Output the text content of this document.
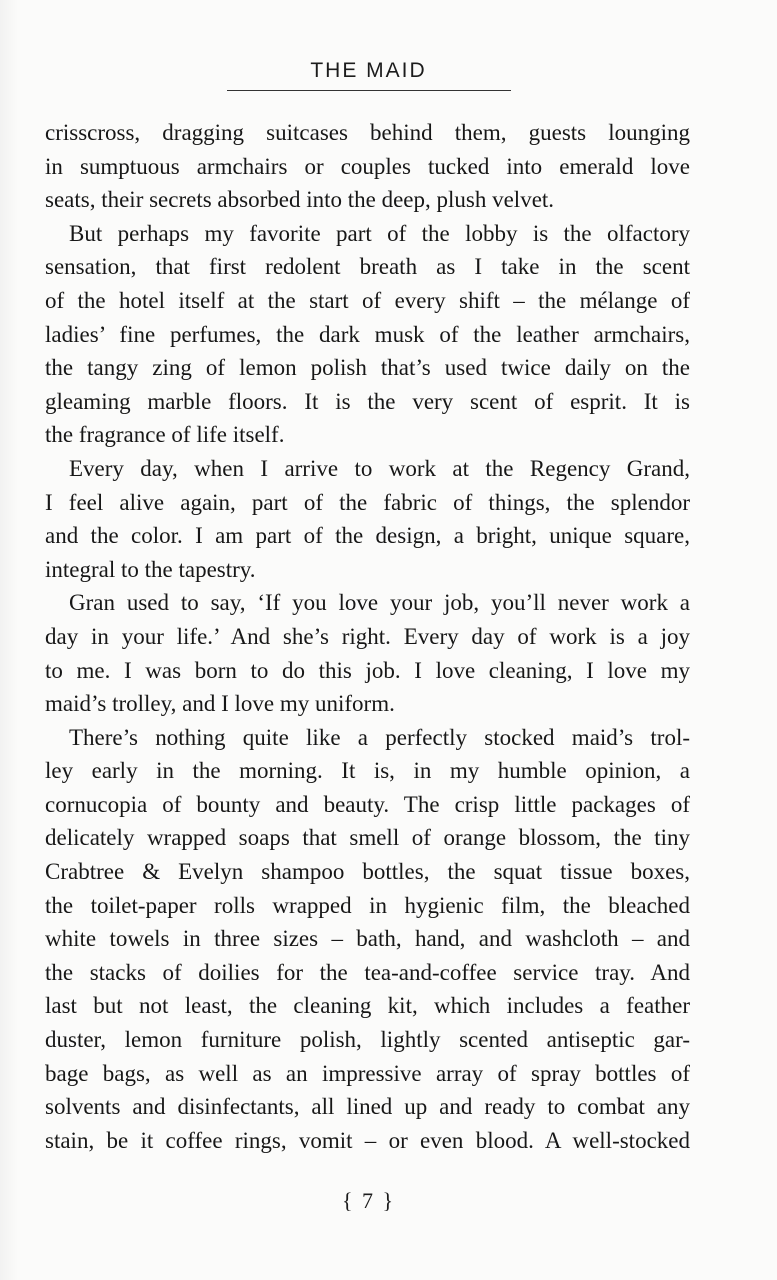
THE MAID
crisscross, dragging suitcases behind them, guests lounging
in sumptuous armchairs or couples tucked into emerald love
seats, their secrets absorbed into the deep, plush velvet.
But perhaps my favorite part of the lobby is the olfactory
sensation, that first redolent breath as I take in the scent
of the hotel itself at the start of every shift – the mélange of
ladies’ fine perfumes, the dark musk of the leather armchairs,
the tangy zing of lemon polish that’s used twice daily on the
gleaming marble floors. It is the very scent of esprit. It is
the fragrance of life itself.
Every day, when I arrive to work at the Regency Grand,
I feel alive again, part of the fabric of things, the splendor
and the color. I am part of the design, a bright, unique square,
integral to the tapestry.
Gran used to say, ‘If you love your job, you’ll never work a
day in your life.’ And she’s right. Every day of work is a joy
to me. I was born to do this job. I love cleaning, I love my
maid’s trolley, and I love my uniform.
There’s nothing quite like a perfectly stocked maid’s trol-
ley early in the morning. It is, in my humble opinion, a
cornucopia of bounty and beauty. The crisp little packages of
delicately wrapped soaps that smell of orange blossom, the tiny
Crabtree & Evelyn shampoo bottles, the squat tissue boxes,
the toilet-paper rolls wrapped in hygienic film, the bleached
white towels in three sizes – bath, hand, and washcloth – and
the stacks of doilies for the tea-and-coffee service tray. And
last but not least, the cleaning kit, which includes a feather
duster, lemon furniture polish, lightly scented antiseptic gar-
bage bags, as well as an impressive array of spray bottles of
solvents and disinfectants, all lined up and ready to combat any
stain, be it coffee rings, vomit – or even blood. A well-stocked
{ 7 }
